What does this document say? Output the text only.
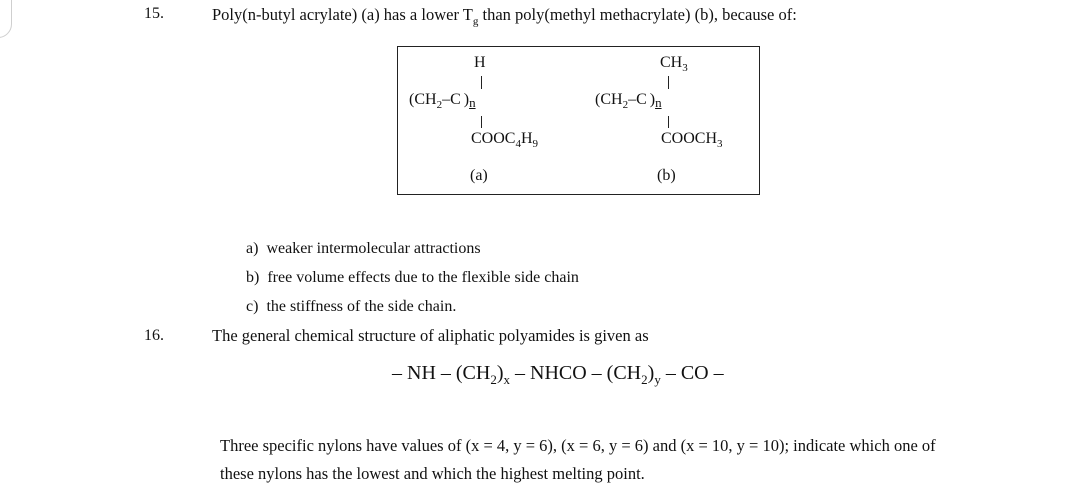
15.	Poly(n-butyl acrylate) (a) has a lower $T_g$ than poly(methyl methacrylate) (b), because of:
H
($CH_2-C$ )n
$COOC_4H_9$
(a)
$CH_3$
($CH_2-C$ )n
$COOCH_3$
(b)
a) weaker intermolecular attractions
b) free volume effects due to the flexible side chain
c) the stiffness of the side chain.
16.	The general chemical structure of aliphatic polyamides is given as
– NH – $(CH_2)_x$ – NHCO – $(CH_2)_y$ – CO –
Three specific nylons have values of (x = 4, y = 6), (x = 6, y = 6) and (x = 10, y = 10); indicate which one of
these nylons has the lowest and which the highest melting point.
